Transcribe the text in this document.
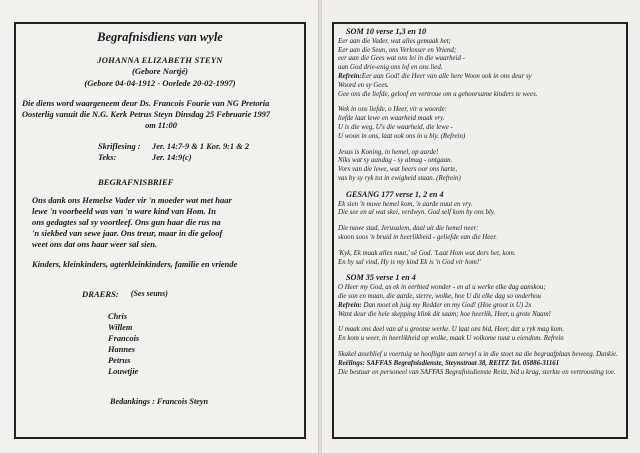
Begrafnisdiens van wyle
JOHANNA ELIZABETH STEYN
(Gebore Nortjé)
(Gebore 04-04-1912 - Oorlede 20-02-1997)
Die diens word waargeneem deur Ds. Francois Fourie van NG Pretoria
Oosterlig vanuit die N.G. Kerk Petrus Steyn Dinsdag 25 Februarie 1997
om 11:00
Skriflesing :	Jer. 14:7-9 & 1 Kor. 9:1 & 2
Teks:	Jer. 14:9(c)
BEGRAFNISBRIEF
Ons dank ons Hemelse Vader vir 'n moeder wat met haar
lewe 'n voorbeeld was van 'n ware kind van Hom. In
ons gedagtes sal sy voortleef. Ons gun haar die rus na
'n siekbed van sewe jaar. Ons treur, maar in die geloof
weet ons dat ons haar weer sal sien.
Kinders, kleinkinders, agterkleinkinders, familie en vriende
DRAERS: (Ses seuns)
Chris
Willem
Francois
Hannes
Petrus
Louwtjie
Bedankings : Francois Steyn
SOM 10 verse 1,3 en 10
Eer aan die Vader, wat alles gemaak het;
Eer aan die Seun, ons Verlosser en Vriend;
eer aan die Gees wat ons lei in die waarheid -
aan God drie-enig ons lof en ons lied.
Refrein:Eer aan God! die Heer van alle here Woon ook in ons deur sy
Woord en sy Gees.
Gee ons die liefde, geloof en vertroue om u gehoorsame kinders te wees.
Wek in ons liefde, o Heer, vir u woorde:
liefde laat lewe en waarheid maak vry.
U is die weg, U's die waarheid, die lewe -
U woon in ons, laat ook ons in u bly. (Refrein)
Jesus is Koning, in hemel, op aarde!
Niks wat sy aandag - sy almag - ontgaan.
Vors van die lewe, wat heers oor ons harte,
vas by sy ryk tot in ewigheid staan. (Refrein)
GESANG 177 verse 1, 2 en 4
Ek sien 'n nuwe hemel kom, 'n aarde nuut en vry.
Die see en al wat skei, verdwyn. God self kom by ons bly.
Die nuwe stad, Jerusalem, daal uit die hemel neer:
skoon soos 'n bruid in heerlikheid - geliefde van die Heer.
'Kyk, Ek maak alles nuut,' sê God. 'Laat Hom wat dors het, kom.
En hy sal vind, Hy is my kind Ek is 'n God vir hom!'
SOM 35 verse 1 en 4
O Heer my God, as ek in eerbied wonder - en al u werke elke dag aanskou;
die son en maan, die aarde, sterre, wolke, hoe U dit elke dag so onderhou
Refrein: Dan moet ek juig my Redder en my God! (Hoe groot is U) 2x
Want deur die hele skepping klink dit saam; hoe heerlik, Heer, u grote Naam!
U maak ons deel van al u grootse werke. U laat ons bid, Heer, dat u ryk mag kom.
En kom u weer, in heerlikheid op wolke, maak U volkome nuut u eiendom. Refrein
Skakel asseblief u voertuig se hoofligte aan terwyl u in die stoet na die begraafplaas beweeg. Dankie.
Reëlings: SAFFAS Begrafnisdienste, Steynstraat 38, REITZ Tel. 05886-31161
Die bestuur en personeel van SAFFAS Begrafnisdienste Reitz, bid u krag, sterkte en vertroosting toe.
